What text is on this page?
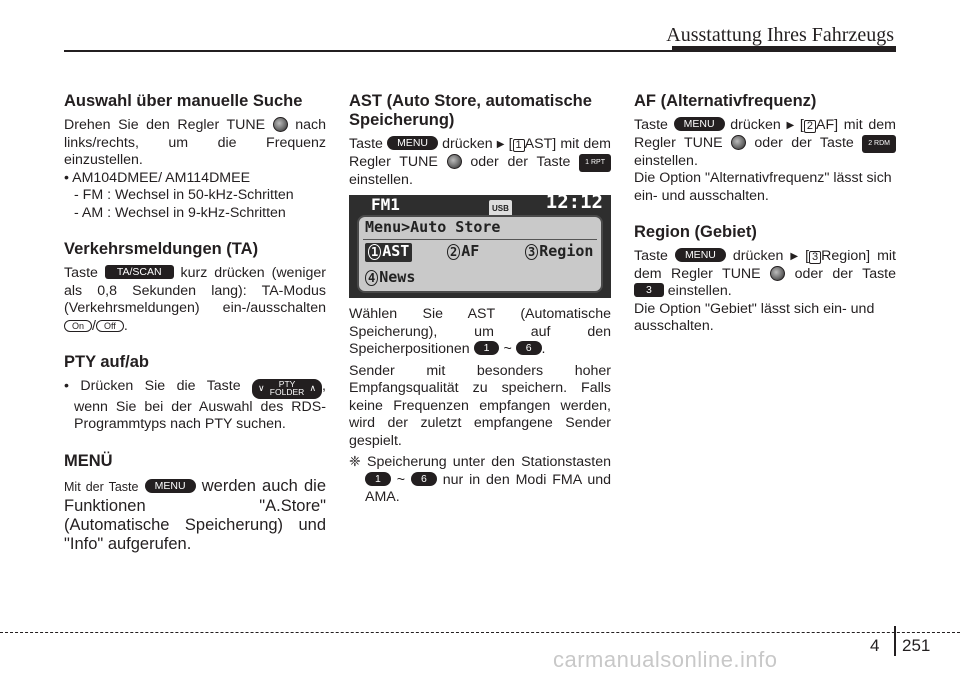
Ausstattung Ihres Fahrzeugs
Auswahl über manuelle Suche

Drehen Sie den Regler TUNE nach links/rechts, um die Frequenz einzustellen.

• AM104DMEE/ AM114DMEE

- FM : Wechsel in 50-kHz-Schritten

- AM : Wechsel in 9-kHz-Schritten

Verkehrsmeldungen (TA)

Taste TA/SCAN kurz drücken (weniger als 0,8 Sekunden lang): TA-Modus (Verkehrsmeldungen) ein-/ausschalten On / Off .

PTY auf/ab

• Drücken Sie die Taste ∨ PTY
FOLDER ∧ , wenn Sie bei der Auswahl des RDS-Programmtyps nach PTY suchen.

MENÜ

Mit der Taste MENU werden auch die Funktionen "A.Store" (Automatische Speicherung) und "Info" aufgerufen.

AST (Auto Store, automatische Speicherung)

Taste MENU drücken ▶ [ 1 AST] mit dem Regler TUNE oder der Taste 1 RPT einstellen.

FM1	USB 12:12
Menu>Auto Store
1 AST	2 AF	3 Region
4 News

Wählen Sie AST (Automatische Speicherung), um auf den Speicherpositionen 1 ~ 6 .

Sender mit besonders hoher Empfangsqualität zu speichern. Falls keine Frequenzen empfangen werden, wird der zuletzt empfangene Sender gespielt.

❈ Speicherung unter den Stationstasten 1 ~ 6 nur in den Modi FMA und AMA.

AF (Alternativfrequenz)

Taste MENU drücken ▶ [ 2 AF] mit dem Regler TUNE oder der Taste 2 RDM einstellen.

Die Option "Alternativfrequenz" lässt sich ein- und ausschalten.

Region (Gebiet)

Taste MENU drücken ▶ [ 3 Region] mit dem Regler TUNE oder der Taste 3 einstellen.

Die Option "Gebiet" lässt sich ein- und ausschalten.

4 251
carmanualsonline.info
